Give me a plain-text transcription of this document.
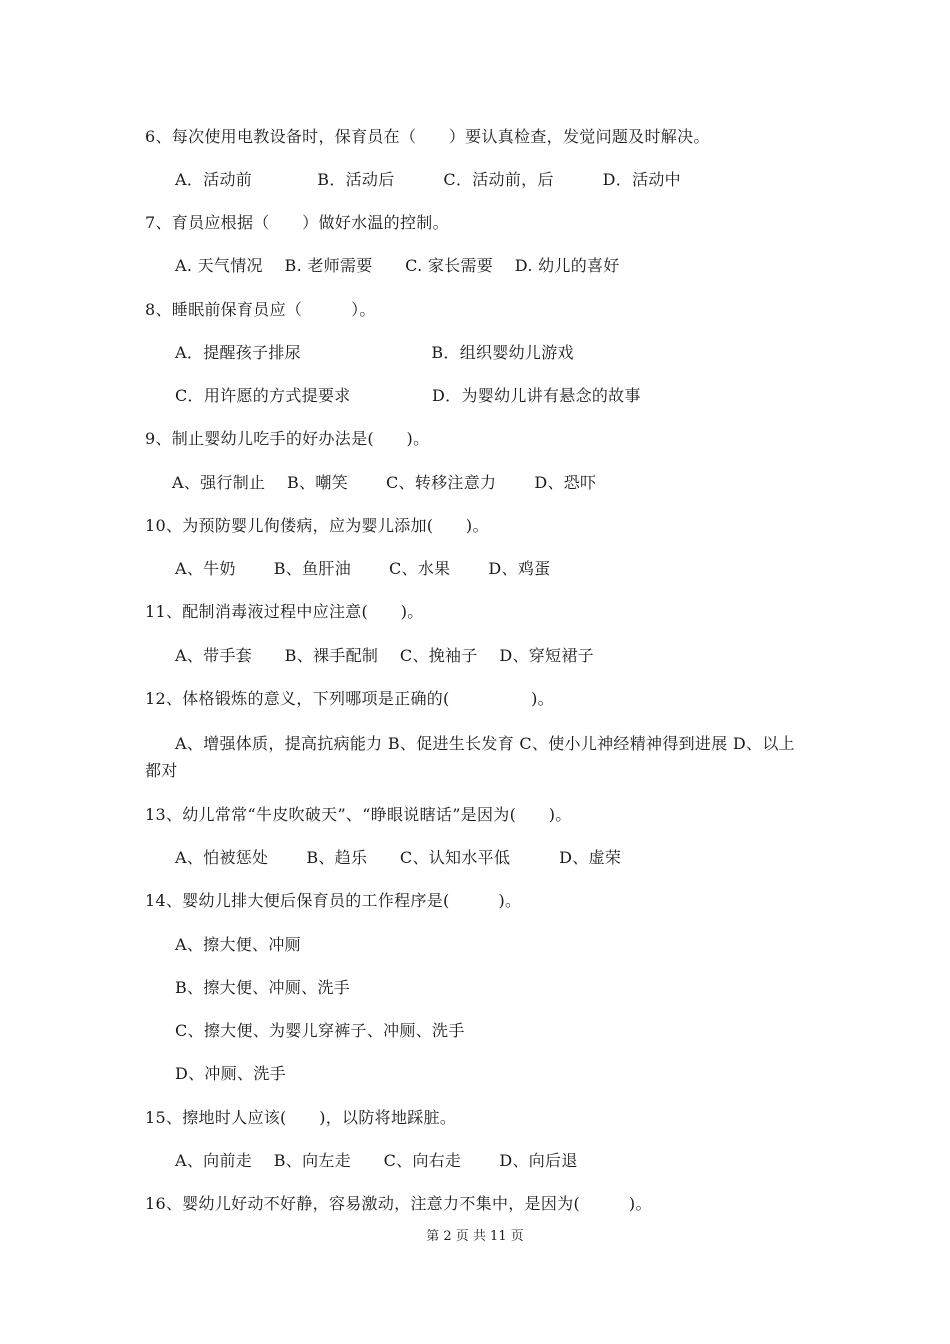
6、每次使用电教设备时，保育员在（　　）要认真检查，发觉问题及时解决。
A．活动前　　　　B．活动后　　　C．活动前，后　　　D．活动中
7、育员应根据（　　）做好水温的控制。
A. 天气情况　 B. 老师需要　　C. 家长需要　 D. 幼儿的喜好
8、睡眠前保育员应（　　　）。
A．提醒孩子排尿　　　　　　　　B．组织婴幼儿游戏
C．用许愿的方式提要求　　　　　D．为婴幼儿讲有悬念的故事
9、制止婴幼儿吃手的好办法是(　　)。
A、强行制止　 B、嘲笑　　 C、转移注意力　　 D、恐吓
10、为预防婴儿佝偻病，应为婴儿添加(　　)。
A、牛奶　　 B、鱼肝油　　 C、水果　　 D、鸡蛋
11、配制消毒液过程中应注意(　　)。
A、带手套　　B、裸手配制　 C、挽袖子　 D、穿短裙子
12、体格锻炼的意义，下列哪项是正确的(　　　　　)。
A、增强体质，提高抗病能力 B、促进生长发育 C、使小儿神经精神得到进展 D、以上
都对
13、幼儿常常“牛皮吹破天”、“睁眼说瞎话”是因为(　　)。
A、怕被惩处　　 B、趋乐　　C、认知水平低　　　D、虚荣
14、婴幼儿排大便后保育员的工作程序是(　　　)。
A、擦大便、冲厕
B、擦大便、冲厕、洗手
C、擦大便、为婴儿穿裤子、冲厕、洗手
D、冲厕、洗手
15、擦地时人应该(　　)，以防将地踩脏。
A、向前走　 B、向左走　　C、向右走　　 D、向后退
16、婴幼儿好动不好静，容易激动，注意力不集中，是因为(　　　)。
第 2 页 共 11 页
